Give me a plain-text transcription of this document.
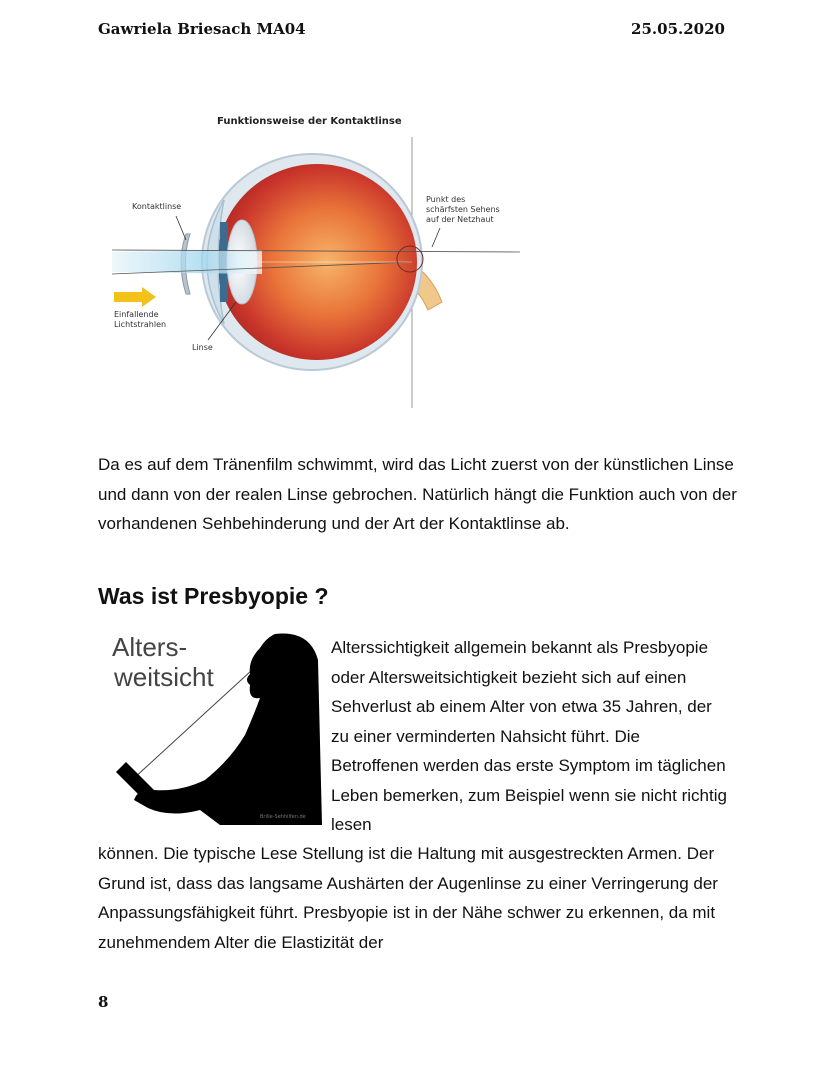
Gawriela Briesach MA04	25.05.2020
Funktionsweise der Kontaktlinse
Kontaktlinse
Punkt des
schärfsten Sehens
auf der Netzhaut
Einfallende
Lichtstrahlen
Linse

Da es auf dem Tränenfilm schwimmt, wird das Licht zuerst von der künstlichen Linse und dann von der realen Linse gebrochen. Natürlich hängt die Funktion auch von der vorhandenen Sehbehinderung und der Art der Kontaktlinse ab.

Was ist Presbyopie ?
Alters-
weitsicht
Brille-Sehhilfen.de

Alterssichtigkeit allgemein bekannt als Presbyopie oder Altersweitsichtigkeit bezieht sich auf einen Sehverlust ab einem Alter von etwa 35 Jahren, der zu einer verminderten Nahsicht führt. Die Betroffenen werden das erste Symptom im täglichen Leben bemerken, zum Beispiel wenn sie nicht richtig lesen

können. Die typische Lese Stellung ist die Haltung mit ausgestreckten Armen. Der Grund ist, dass das langsame Aushärten der Augenlinse zu einer Verringerung der Anpassungsfähigkeit führt. Presbyopie ist in der Nähe schwer zu erkennen, da mit zunehmendem Alter die Elastizität der

8
